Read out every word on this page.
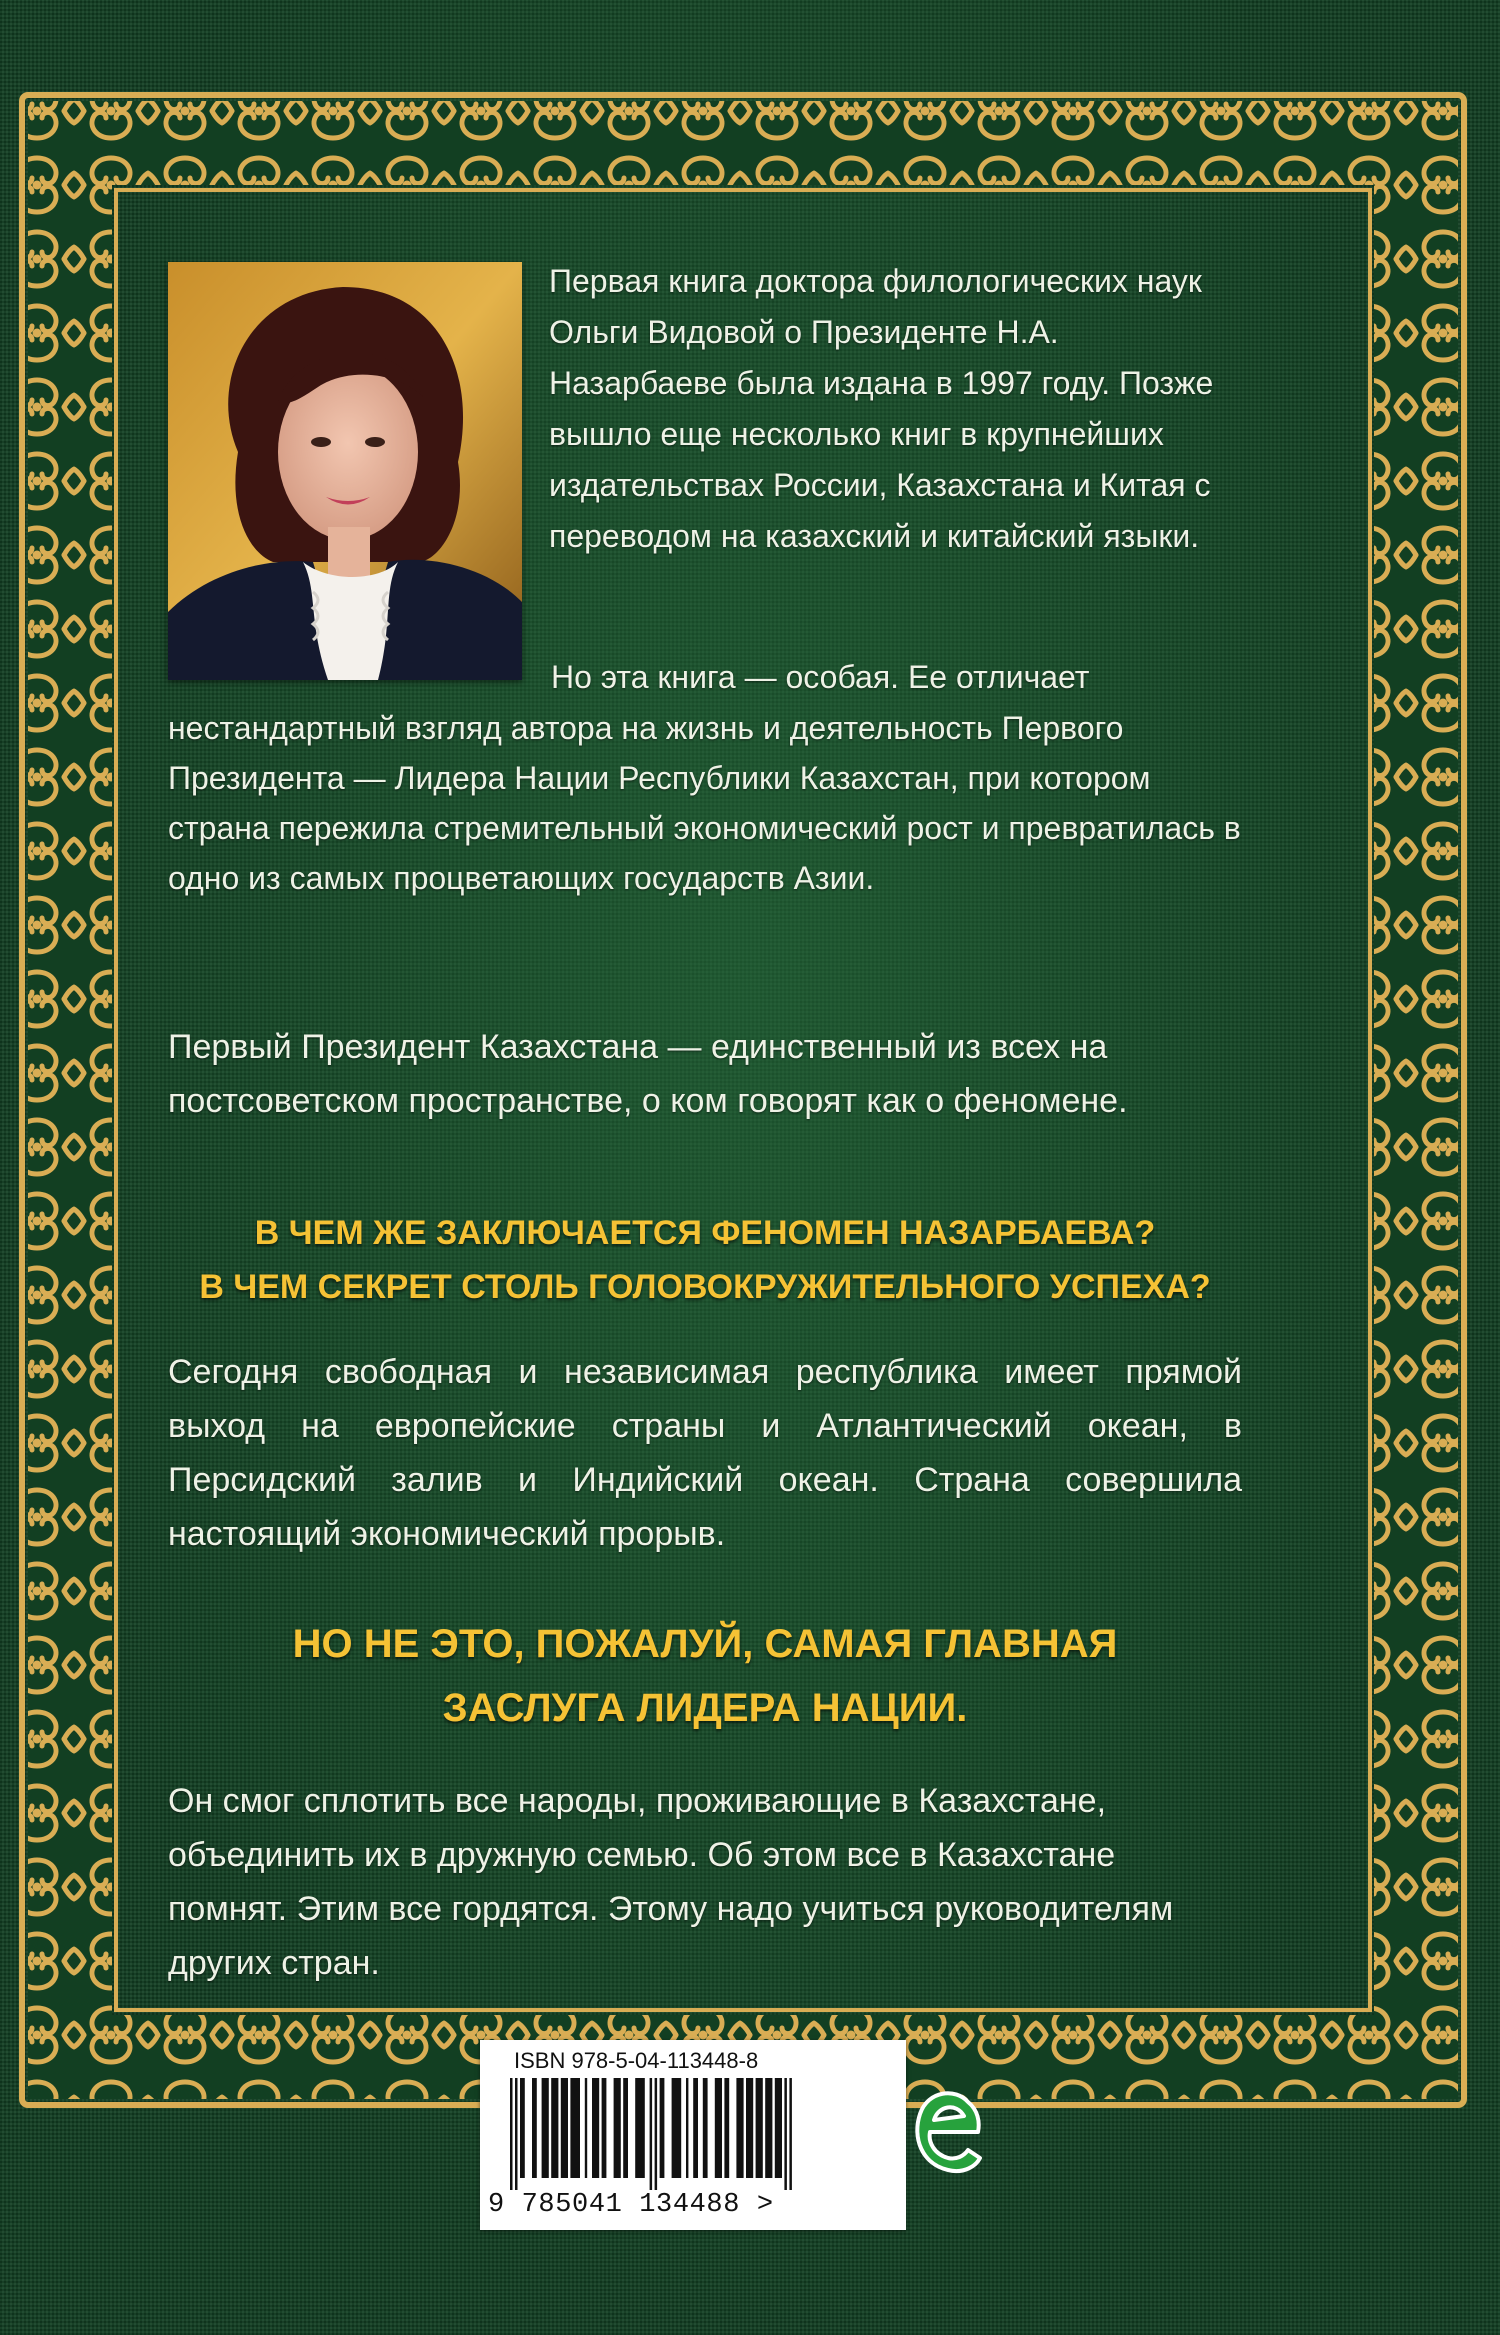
Первая книга доктора филологических наук Ольги Видовой о Президенте Н.А. Назарбаеве была издана в 1997 году. Позже вышло еще несколько книг в крупнейших издательствах России, Казахстана и Китая с переводом на казахский и китайский языки.

Но эта книга — особая. Ее отличает

нестандартный взгляд автора на жизнь и деятельность Первого Президента — Лидера Нации Республики Казахстан, при котором страна пережила стремительный экономический рост и превратилась в одно из самых процветающих государств Азии.

Первый Президент Казахстана — единственный из всех на постсоветском пространстве, о ком говорят как о феномене.

В ЧЕМ ЖЕ ЗАКЛЮЧАЕТСЯ ФЕНОМЕН НАЗАРБАЕВА?

В ЧЕМ СЕКРЕТ СТОЛЬ ГОЛОВОКРУЖИТЕЛЬНОГО УСПЕХА?

Сегодня свободная и независимая республика имеет прямой выход на европейские страны и Атлантический океан, в Персидский залив и Индийский океан. Страна совершила настоящий экономический прорыв.

НО НЕ ЭТО, ПОЖАЛУЙ, САМАЯ ГЛАВНАЯ

ЗАСЛУГА ЛИДЕРА НАЦИИ.

Он смог сплотить все народы, проживающие в Казахстане, объединить их в дружную семью. Об этом все в Казахстане помнят. Этим все гордятся. Этому надо учиться руководителям других стран.

ISBN 978-5-04-113448-8

9 785041 134488 >
